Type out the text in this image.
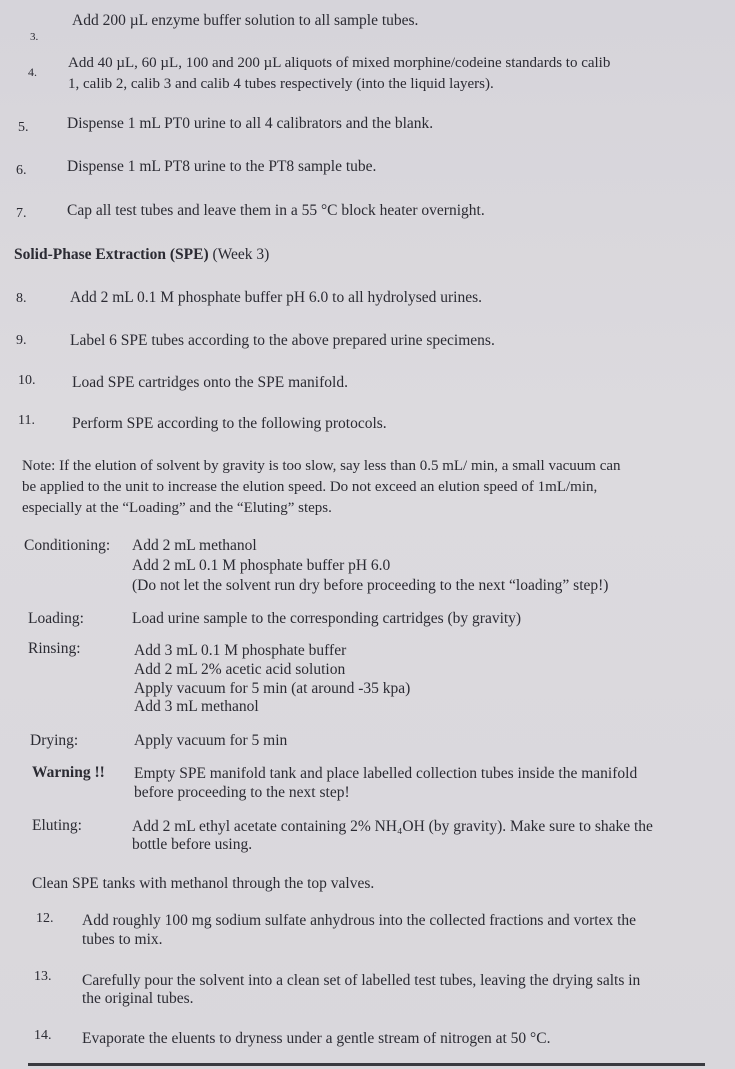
3.
Add 200 µL enzyme buffer solution to all sample tubes.
4.
Add 40 µL, 60 µL, 100 and 200 µL aliquots of mixed morphine/codeine standards to calib
1, calib 2, calib 3 and calib 4 tubes respectively (into the liquid layers).
5. Dispense 1 mL PT0 urine to all 4 calibrators and the blank.
6.	Dispense 1 mL PT8 urine to the PT8 sample tube.
7.	Cap all test tubes and leave them in a 55 °C block heater overnight.
Solid-Phase Extraction (SPE) (Week 3)
8.	Add 2 mL 0.1 M phosphate buffer pH 6.0 to all hydrolysed urines.
9.	Label 6 SPE tubes according to the above prepared urine specimens.
10. Load SPE cartridges onto the SPE manifold.
11. Perform SPE according to the following protocols.
Note: If the elution of solvent by gravity is too slow, say less than 0.5 mL/ min, a small vacuum can
be applied to the unit to increase the elution speed. Do not exceed an elution speed of 1mL/min,
especially at the “Loading” and the “Eluting” steps.
Conditioning: Add 2 mL methanol
Add 2 mL 0.1 M phosphate buffer pH 6.0
(Do not let the solvent run dry before proceeding to the next “loading” step!)
Loading:	Load urine sample to the corresponding cartridges (by gravity)
Rinsing:	Add 3 mL 0.1 M phosphate buffer
Add 2 mL 2% acetic acid solution
Apply vacuum for 5 min (at around -35 kpa)
Add 3 mL methanol
Drying:	Apply vacuum for 5 min
Warning !! Empty SPE manifold tank and place labelled collection tubes inside the manifold
before proceeding to the next step!
Eluting:	Add 2 mL ethyl acetate containing 2% NH₄OH (by gravity). Make sure to shake the
bottle before using.
Clean SPE tanks with methanol through the top valves.
12. Add roughly 100 mg sodium sulfate anhydrous into the collected fractions and vortex the
tubes to mix.
13. Carefully pour the solvent into a clean set of labelled test tubes, leaving the drying salts in
the original tubes.
14. Evaporate the eluents to dryness under a gentle stream of nitrogen at 50 °C.
